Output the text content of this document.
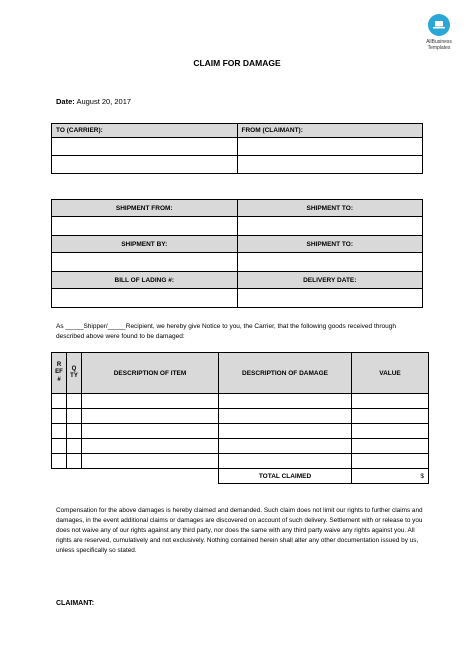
AllBusiness
Templates
CLAIM FOR DAMAGE
Date: August 20, 2017
TO (CARRIER):	FROM (CLAIMANT):

SHIPMENT FROM:	SHIPMENT TO:

SHIPMENT BY:	SHIPMENT TO:

BILL OF LADING #:	DELIVERY DATE:

As _____Shipper/_____Recipient, we hereby give Notice to you, the Carrier, that the following goods received through described above were found to be damaged:
R EF #	Q TY	DESCRIPTION OF ITEM	DESCRIPTION OF DAMAGE	VALUE

			TOTAL CLAIMED	$
Compensation for the above damages is hereby claimed and demanded. Such claim does not limit our rights to further claims and damages, in the event additional claims or damages are discovered on account of such delivery. Settlement with or release to you does not waive any of our rights against any third party, nor does the same with any third party waive any rights against you. All rights are reserved, cumulatively and not exclusively. Nothing contained herein shall alter any other documentation issued by us, unless specifically so stated.
CLAIMANT:
